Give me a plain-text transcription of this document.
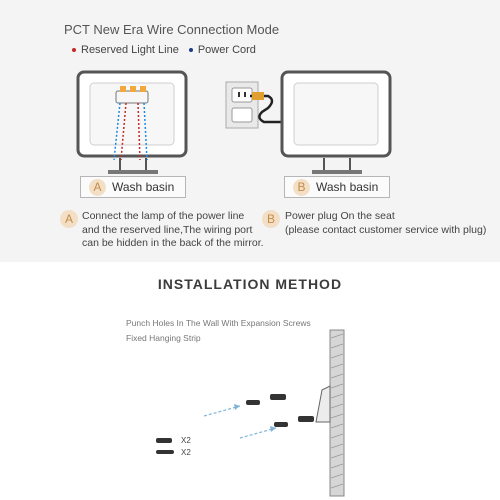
PCT New Era Wire Connection Mode
Reserved Light Line Power Cord
A Wash basin	B Wash basin
A Connect the lamp of the power line
and the reserved line,The wiring port
can be hidden in the back of the mirror.
B Power plug On the seat
(please contact customer service with plug)
INSTALLATION METHOD
Punch Holes In The Wall With Expansion Screws
Fixed Hanging Strip
X2
X2
